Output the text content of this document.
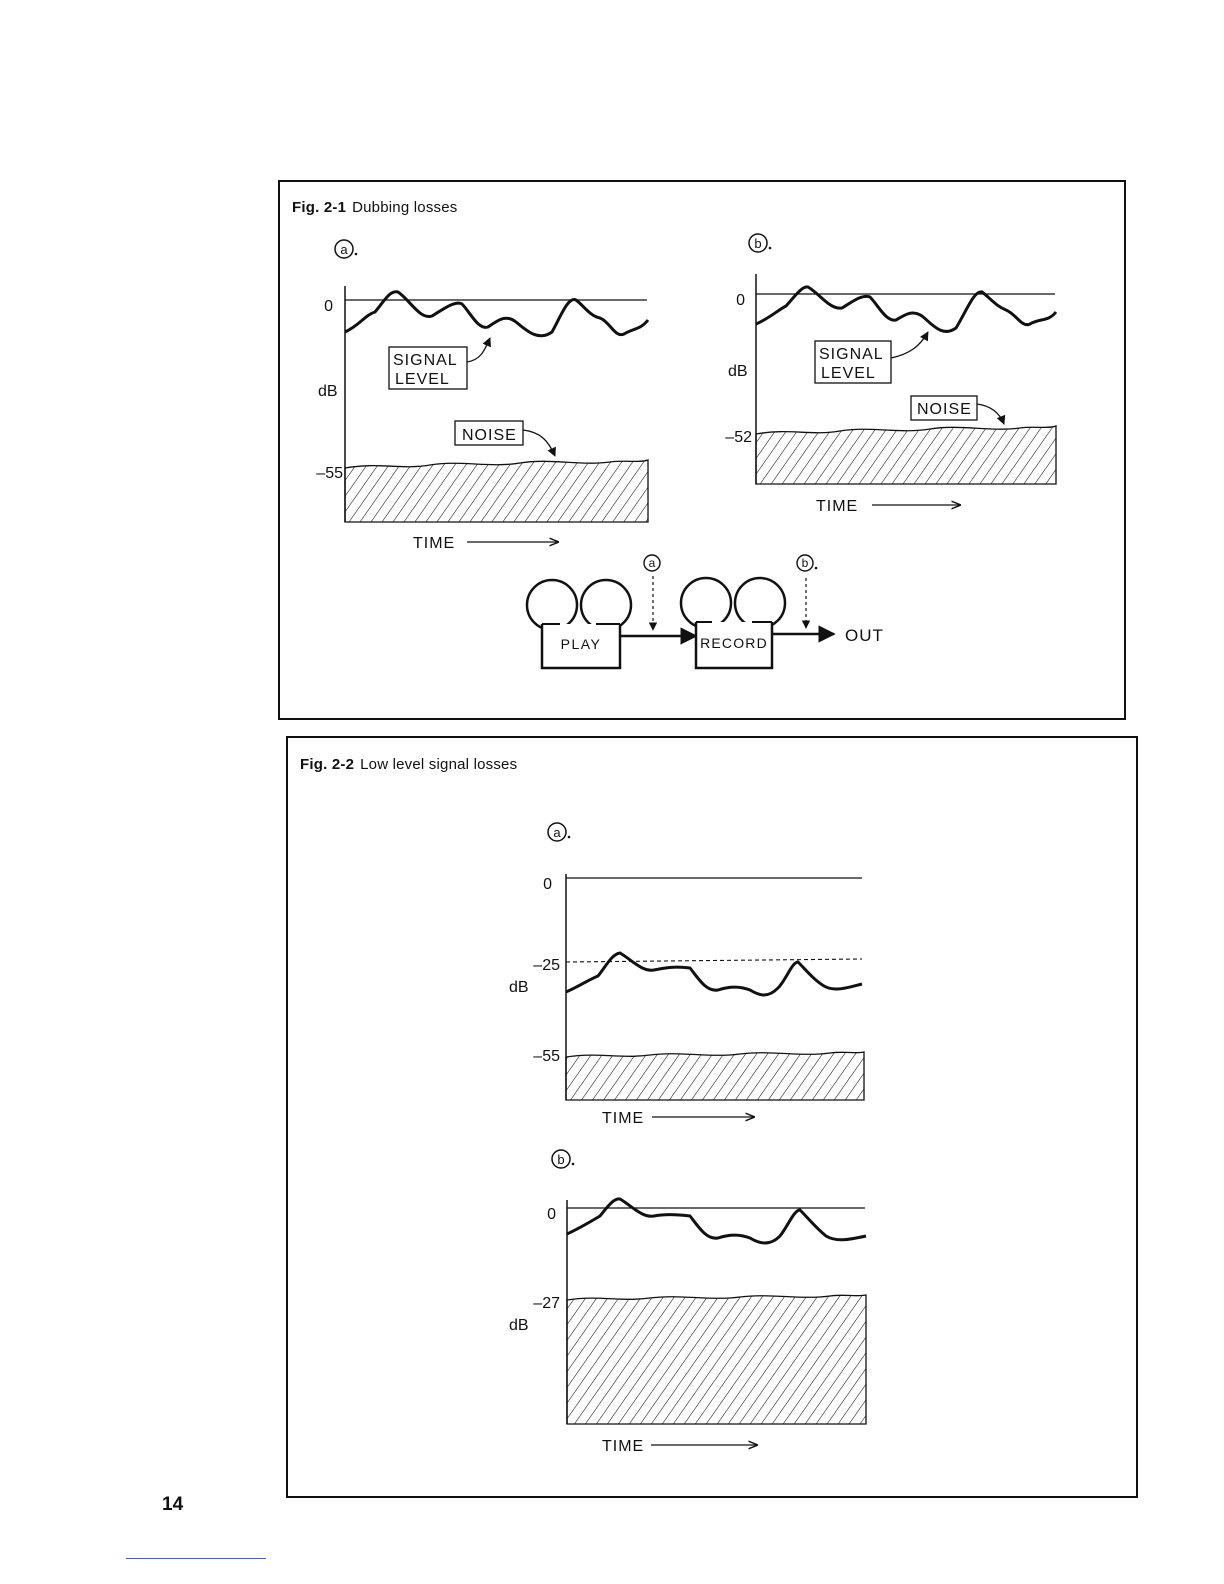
a
0
dB
–55
SIGNAL
LEVEL
NOISE
TIME
b
0
dB
–52
SIGNAL
LEVEL
NOISE
TIME
PLAY	RECORD	OUT
a	b
a
0
–25
dB
–55
TIME
b
0
–27
dB
TIME
Fig. 2-1 Dubbing losses
Fig. 2-2 Low level signal losses
14
